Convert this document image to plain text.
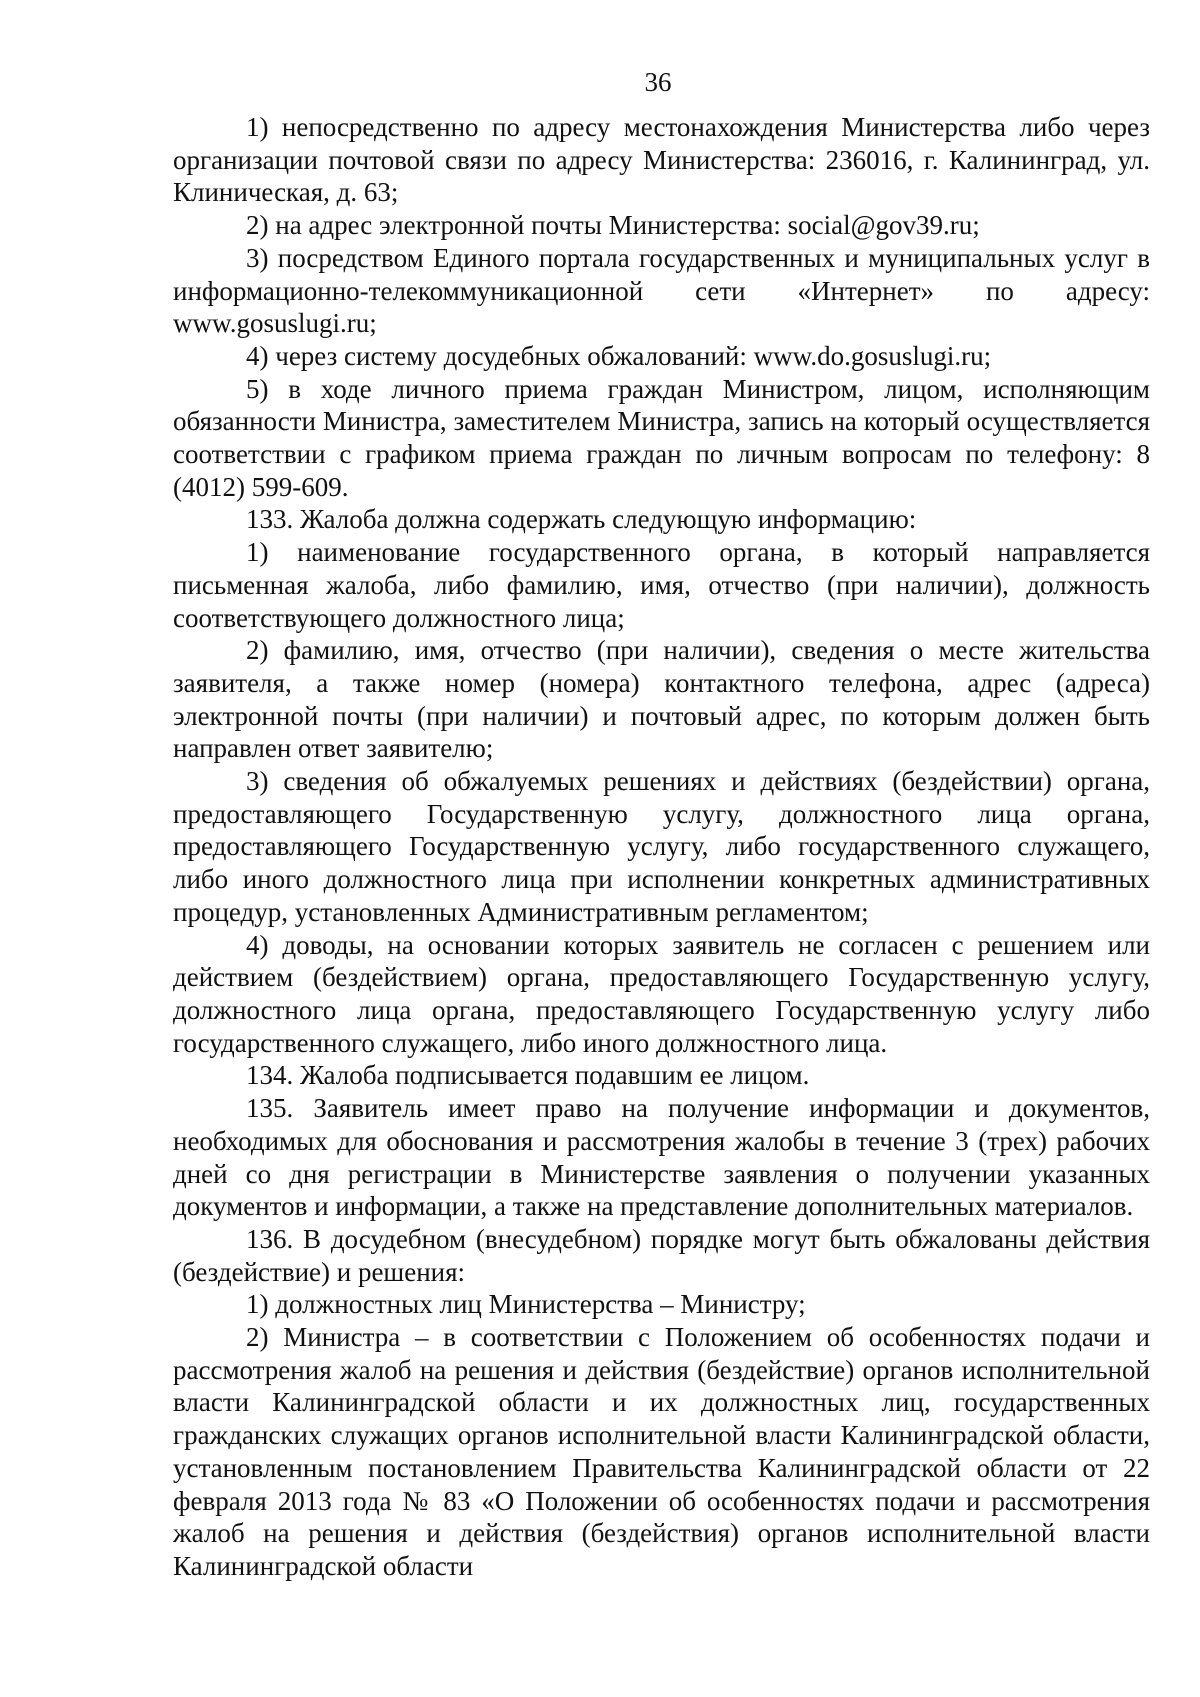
36

1) непосредственно по адресу местонахождения Министерства либо через организации почтовой связи по адресу Министерства: 236016, г. Калининград, ул. Клиническая, д. 63;

2) на адрес электронной почты Министерства: social@gov39.ru;

3) посредством Единого портала государственных и муниципальных услуг в информационно-телекоммуникационной сети «Интернет» по адресу: www.gosuslugi.ru;

4) через систему досудебных обжалований: www.do.gosuslugi.ru;

5) в ходе личного приема граждан Министром, лицом, исполняющим обязанности Министра, заместителем Министра, запись на который осуществляется соответствии с графиком приема граждан по личным вопросам по телефону: 8 (4012) 599-609.

133. Жалоба должна содержать следующую информацию:

1) наименование государственного органа, в который направляется письменная жалоба, либо фамилию, имя, отчество (при наличии), должность соответствующего должностного лица;

2) фамилию, имя, отчество (при наличии), сведения о месте жительства заявителя, а также номер (номера) контактного телефона, адрес (адреса) электронной почты (при наличии) и почтовый адрес, по которым должен быть направлен ответ заявителю;

3) сведения об обжалуемых решениях и действиях (бездействии) органа, предоставляющего Государственную услугу, должностного лица органа, предоставляющего Государственную услугу, либо государственного служащего, либо иного должностного лица при исполнении конкретных административных процедур, установленных Административным регламентом;

4) доводы, на основании которых заявитель не согласен с решением или действием (бездействием) органа, предоставляющего Государственную услугу, должностного лица органа, предоставляющего Государственную услугу либо государственного служащего, либо иного должностного лица.

134. Жалоба подписывается подавшим ее лицом.

135. Заявитель имеет право на получение информации и документов, необходимых для обоснования и рассмотрения жалобы в течение 3 (трех) рабочих дней со дня регистрации в Министерстве заявления о получении указанных документов и информации, а также на представление дополнительных материалов.

136. В досудебном (внесудебном) порядке могут быть обжалованы действия (бездействие) и решения:

1) должностных лиц Министерства – Министру;

2) Министра – в соответствии с Положением об особенностях подачи и рассмотрения жалоб на решения и действия (бездействие) органов исполнительной власти Калининградской области и их должностных лиц, государственных гражданских служащих органов исполнительной власти Калининградской области, установленным постановлением Правительства Калининградской области от 22 февраля 2013 года № 83 «О Положении об особенностях подачи и рассмотрения жалоб на решения и действия (бездействия) органов исполнительной власти Калининградской области
